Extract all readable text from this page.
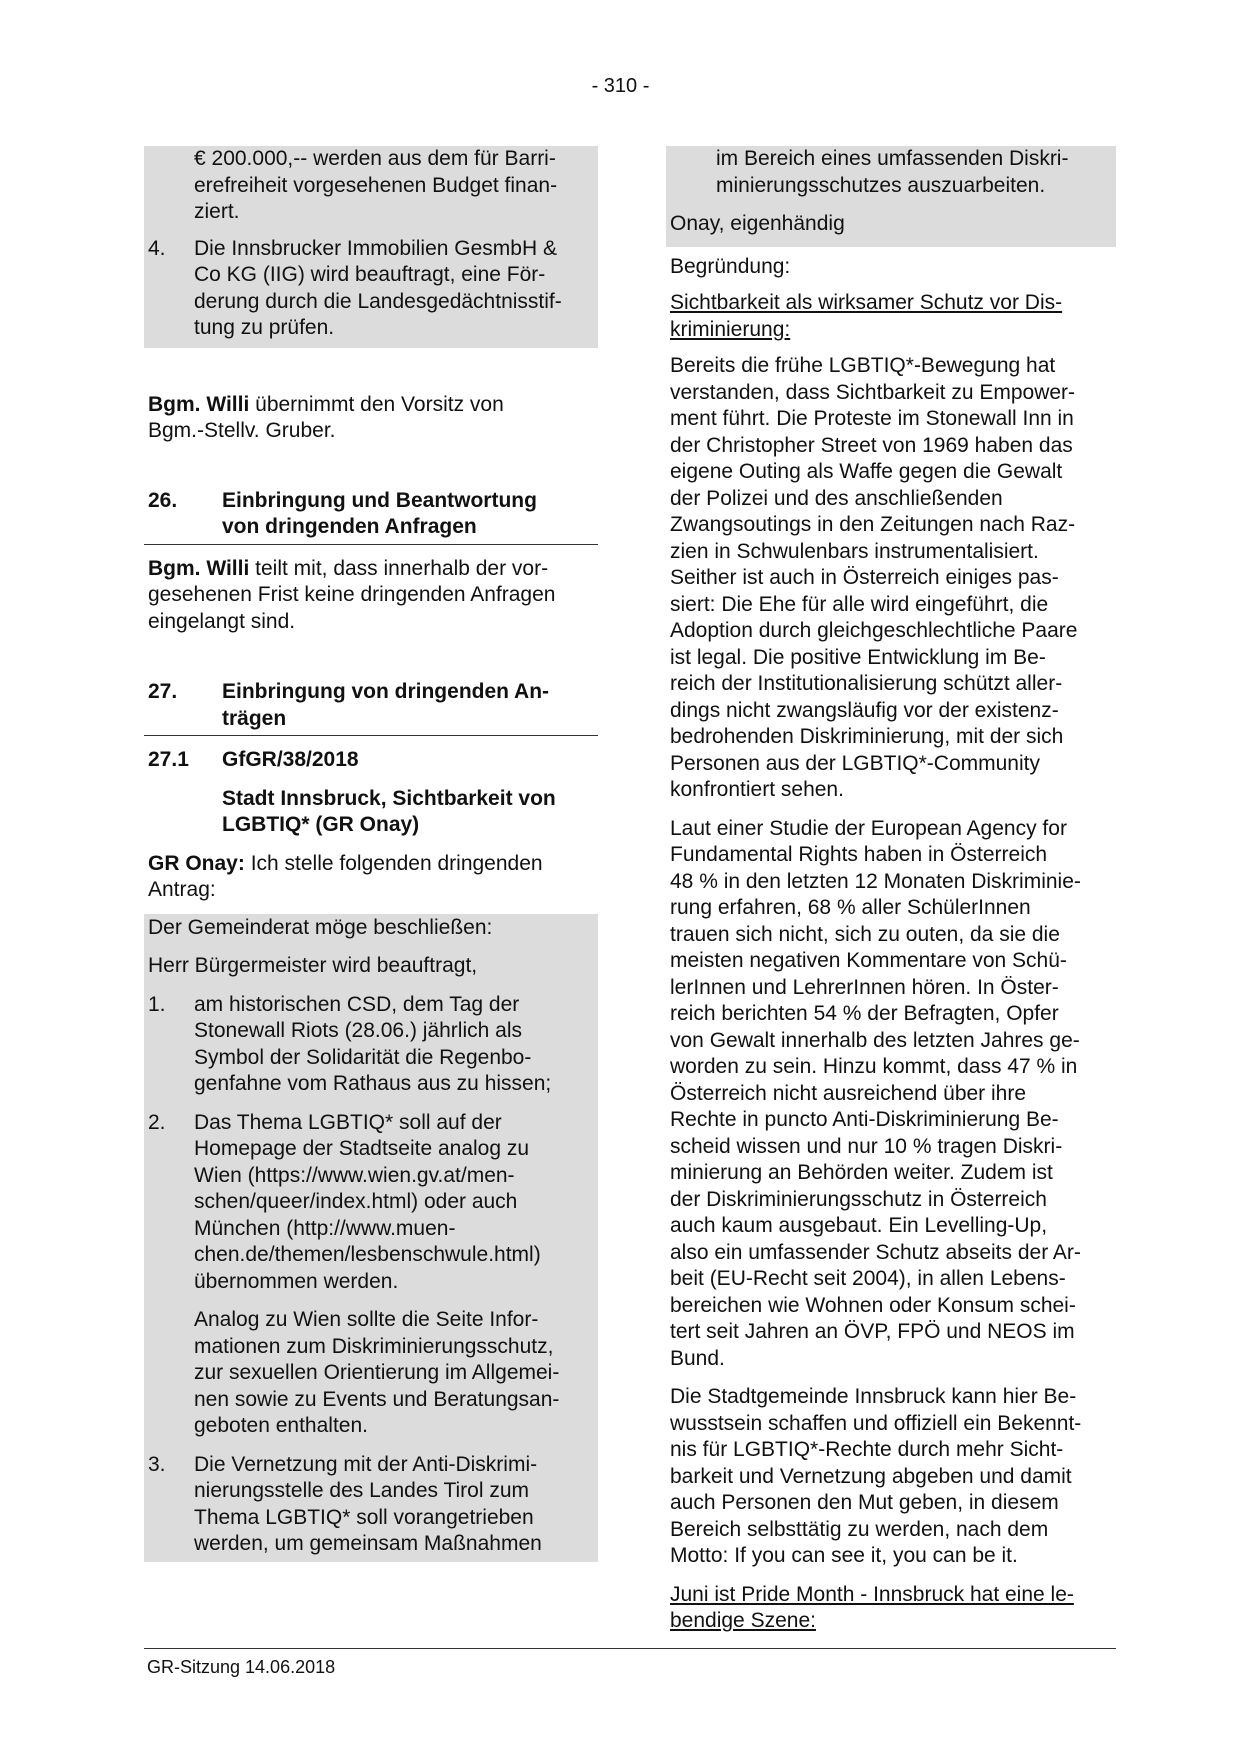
- 310 -
€ 200.000,-- werden aus dem für Barri-
erefreiheit vorgesehenen Budget finan-
ziert.
4.	Die Innsbrucker Immobilien GesmbH &
Co KG (IIG) wird beauftragt, eine För-
derung durch die Landesgedächtnisstif-
tung zu prüfen.
Bgm. Willi übernimmt den Vorsitz von
Bgm.-Stellv. Gruber.
26.	Einbringung und Beantwortung
von dringenden Anfragen
Bgm. Willi teilt mit, dass innerhalb der vor-
gesehenen Frist keine dringenden Anfragen
eingelangt sind.
27.	Einbringung von dringenden An-
trägen
27.1	GfGR/38/2018
Stadt Innsbruck, Sichtbarkeit von
LGBTIQ* (GR Onay)
GR Onay: Ich stelle folgenden dringenden
Antrag:
Der Gemeinderat möge beschließen:
Herr Bürgermeister wird beauftragt,
1.	am historischen CSD, dem Tag der
Stonewall Riots (28.06.) jährlich als
Symbol der Solidarität die Regenbo-
genfahne vom Rathaus aus zu hissen;
2.	Das Thema LGBTIQ* soll auf der
Homepage der Stadtseite analog zu
Wien (https://www.wien.gv.at/men-
schen/queer/index.html) oder auch
München (http://www.muen-
chen.de/themen/lesbenschwule.html)
übernommen werden.
Analog zu Wien sollte die Seite Infor-
mationen zum Diskriminierungsschutz,
zur sexuellen Orientierung im Allgemei-
nen sowie zu Events und Beratungsan-
geboten enthalten.
3.	Die Vernetzung mit der Anti-Diskrimi-
nierungsstelle des Landes Tirol zum
Thema LGBTIQ* soll vorangetrieben
werden, um gemeinsam Maßnahmen
im Bereich eines umfassenden Diskri-
minierungsschutzes auszuarbeiten.
Onay, eigenhändig
Begründung:
Sichtbarkeit als wirksamer Schutz vor Dis-
kriminierung:
Bereits die frühe LGBTIQ*-Bewegung hat
verstanden, dass Sichtbarkeit zu Empower-
ment führt. Die Proteste im Stonewall Inn in
der Christopher Street von 1969 haben das
eigene Outing als Waffe gegen die Gewalt
der Polizei und des anschließenden
Zwangsoutings in den Zeitungen nach Raz-
zien in Schwulenbars instrumentalisiert.
Seither ist auch in Österreich einiges pas-
siert: Die Ehe für alle wird eingeführt, die
Adoption durch gleichgeschlechtliche Paare
ist legal. Die positive Entwicklung im Be-
reich der Institutionalisierung schützt aller-
dings nicht zwangsläufig vor der existenz-
bedrohenden Diskriminierung, mit der sich
Personen aus der LGBTIQ*-Community
konfrontiert sehen.
Laut einer Studie der European Agency for
Fundamental Rights haben in Österreich
48 % in den letzten 12 Monaten Diskriminie-
rung erfahren, 68 % aller SchülerInnen
trauen sich nicht, sich zu outen, da sie die
meisten negativen Kommentare von Schü-
lerInnen und LehrerInnen hören. In Öster-
reich berichten 54 % der Befragten, Opfer
von Gewalt innerhalb des letzten Jahres ge-
worden zu sein. Hinzu kommt, dass 47 % in
Österreich nicht ausreichend über ihre
Rechte in puncto Anti-Diskriminierung Be-
scheid wissen und nur 10 % tragen Diskri-
minierung an Behörden weiter. Zudem ist
der Diskriminierungsschutz in Österreich
auch kaum ausgebaut. Ein Levelling-Up,
also ein umfassender Schutz abseits der Ar-
beit (EU-Recht seit 2004), in allen Lebens-
bereichen wie Wohnen oder Konsum schei-
tert seit Jahren an ÖVP, FPÖ und NEOS im
Bund.
Die Stadtgemeinde Innsbruck kann hier Be-
wusstsein schaffen und offiziell ein Bekennt-
nis für LGBTIQ*-Rechte durch mehr Sicht-
barkeit und Vernetzung abgeben und damit
auch Personen den Mut geben, in diesem
Bereich selbsttätig zu werden, nach dem
Motto: If you can see it, you can be it.
Juni ist Pride Month - Innsbruck hat eine le-
bendige Szene:
GR-Sitzung 14.06.2018
